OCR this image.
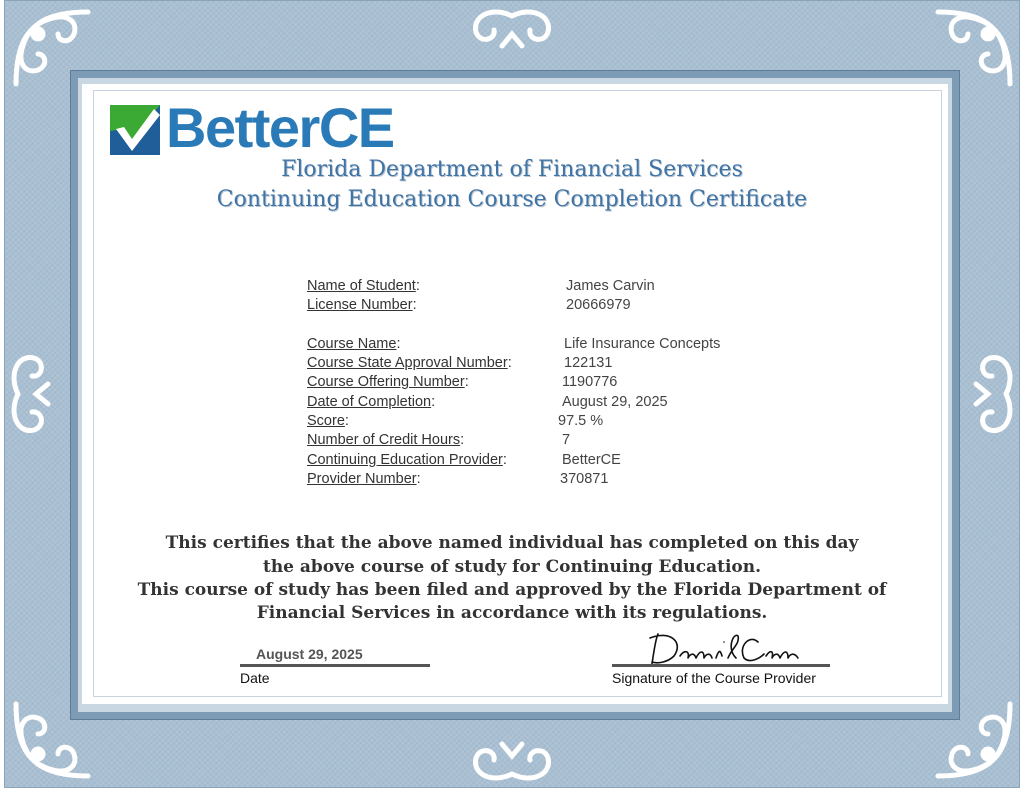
BetterCE
Florida Department of Financial Services
Continuing Education Course Completion Certificate
Name of Student:	James Carvin
License Number:	20666979
Course Name:	Life Insurance Concepts
Course State Approval Number:	122131
Course Offering Number:	1190776
Date of Completion:	August 29, 2025
Score:	97.5 %
Number of Credit Hours:	7
Continuing Education Provider:	BetterCE
Provider Number:	370871
This certifies that the above named individual has completed on this day
the above course of study for Continuing Education.
This course of study has been filed and approved by the Florida Department of
Financial Services in accordance with its regulations.
August 29, 2025
Date	Signature of the Course Provider
